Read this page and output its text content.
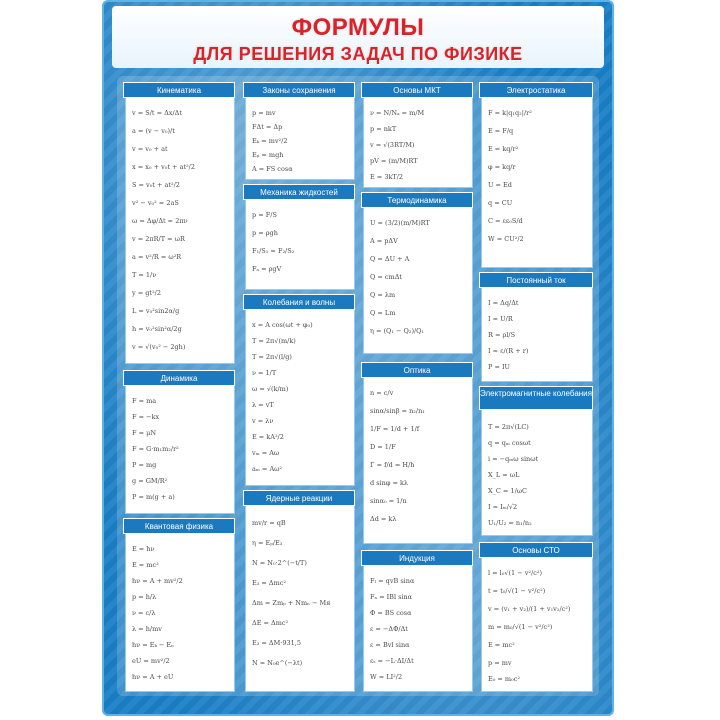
ФОРМУЛЫ
ДЛЯ РЕШЕНИЯ ЗАДАЧ ПО ФИЗИКЕ
v = S/t = Δx/Δt
a = (v − v₀)/t
v = v₀ + at
x = x₀ + v₀t + at²/2
S = v₀t + at²/2
v² − v₀² = 2aS
ω = Δφ/Δt = 2πν
v = 2πR/T = ωR
a = v²/R = ω²R
T = 1/ν
y = gt²/2
L = v₀²sin2α/g
h = v₀²sin²α/2g
v = √(v₀² − 2gh)
Кинематика
F = ma
F = −kx
F = μN
F = G·m₁m₂/r²
P = mg
g = GM/R²
P = m(g + a)
Динамика
E = hν
E = mc²
hν = A + mv²/2
p = h/λ
ν = c/λ
λ = h/mv
hν = Eₖ − Eₙ
eU = mv²/2
hν = A + eU
Квантовая физика
p = mv
FΔt = Δp
Eₖ = mv²/2
Eₚ = mgh
A = FS cosα
Законы сохранения
p = F/S
p = ρgh
F₁/S₁ = F₂/S₂
Fₐ = ρgV
Механика жидкостей
x = A cos(ωt + φ₀)
T = 2π√(m/k)
T = 2π√(l/g)
ν = 1/T
ω = √(k/m)
λ = vT
v = λν
E = kA²/2
vₘ = Aω
aₘ = Aω²
Колебания и волны
mv/r = qB
η = Eₚ/E₃
N = N₀·2^(−t/T)
E₃ = Δmc²
Δm = Zmₚ + Nmₙ − Mя
ΔE = Δmc²
E₃ = ΔM·931,5
N = N₀e^(−λt)
Ядерные реакции
ν = N/Nₐ = m/M
p = nkT
v = √(3RT/M)
pV = (m/M)RT
E = 3kT/2
Основы МКТ
U = (3/2)(m/M)RT
A = pΔV
Q = ΔU + A
Q = cmΔt
Q = λm
Q = Lm
η = (Q₁ − Q₂)/Q₁
Термодинамика
n = c/v
sinα/sinβ = n₂/n₁
1/F = 1/d + 1/f
D = 1/F
Γ = f/d = H/h
d sinφ = kλ
sinα₀ = 1/n
Δd = kλ
Оптика
Fₗ = qvB sinα
Fₐ = IBl sinα
Φ = BS cosα
ε = −ΔΦ/Δt
ε = Bvl sinα
εₛ = −L·ΔI/Δt
W = LI²/2
Индукция
F = k|q₁q₂|/r²
E = F/q
E = kq/r²
φ = kq/r
U = Ed
q = CU
C = εε₀S/d
W = CU²/2
Электростатика
I = Δq/Δt
I = U/R
R = ρl/S
I = ε/(R + r)
P = IU
Постоянный ток
T = 2π√(LC)
q = qₘ cosωt
i = −qₘω sinωt
X_L = ωL
X_C = 1/ωC
I = Iₘ/√2
U₁/U₂ = n₁/n₂
Электромагнитные колебания
l = l₀√(1 − v²/c²)
t = t₀/√(1 − v²/c²)
v = (v₁ + v₂)/(1 + v₁v₂/c²)
m = m₀/√(1 − v²/c²)
E = mc²
p = mv
E₀ = m₀c²
Основы СТО
